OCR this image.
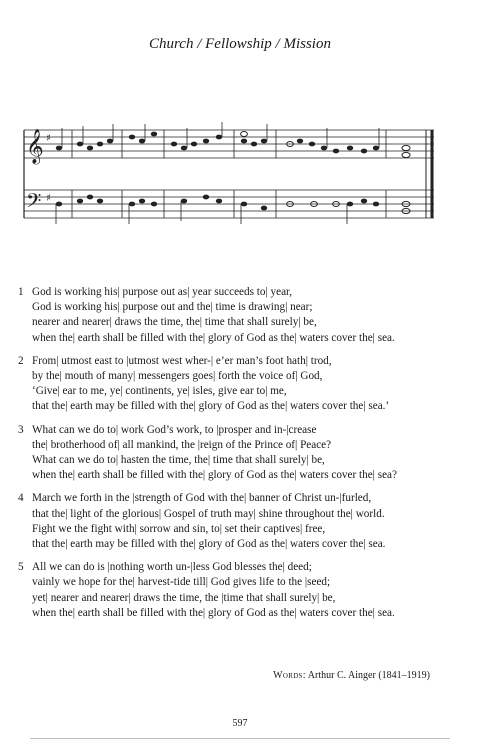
Church / Fellowship / Mission
𝄞
𝄢
♯
♯
1 God is working his| purpose out as| year succeeds to| year,
God is working his| purpose out and the| time is drawing| near;
nearer and nearer| draws the time, the| time that shall surely| be,
when the| earth shall be filled with the| glory of God as the| waters cover the| sea.
2 From| utmost east to |utmost west wher-| e’er man’s foot hath| trod,
by the| mouth of many| messengers goes| forth the voice of| God,
‘Give| ear to me, ye| continents, ye| isles, give ear to| me,
that the| earth may be filled with the| glory of God as the| waters cover the| sea.’
3 What can we do to| work God’s work, to |prosper and in-|crease
the| brotherhood of| all mankind, the |reign of the Prince of| Peace?
What can we do to| hasten the time, the| time that shall surely| be,
when the| earth shall be filled with the| glory of God as the| waters cover the| sea?
4 March we forth in the |strength of God with the| banner of Christ un-|furled,
that the| light of the glorious| Gospel of truth may| shine throughout the| world.
Fight we the fight with| sorrow and sin, to| set their captives| free,
that the| earth may be filled with the| glory of God as the| waters cover the| sea.
5 All we can do is |nothing worth un-|less God blesses the| deed;
vainly we hope for the| harvest-tide till| God gives life to the |seed;
yet| nearer and nearer| draws the time, the |time that shall surely| be,
when the| earth shall be filled with the| glory of God as the| waters cover the| sea.
Words: Arthur C. Ainger (1841–1919)
597
